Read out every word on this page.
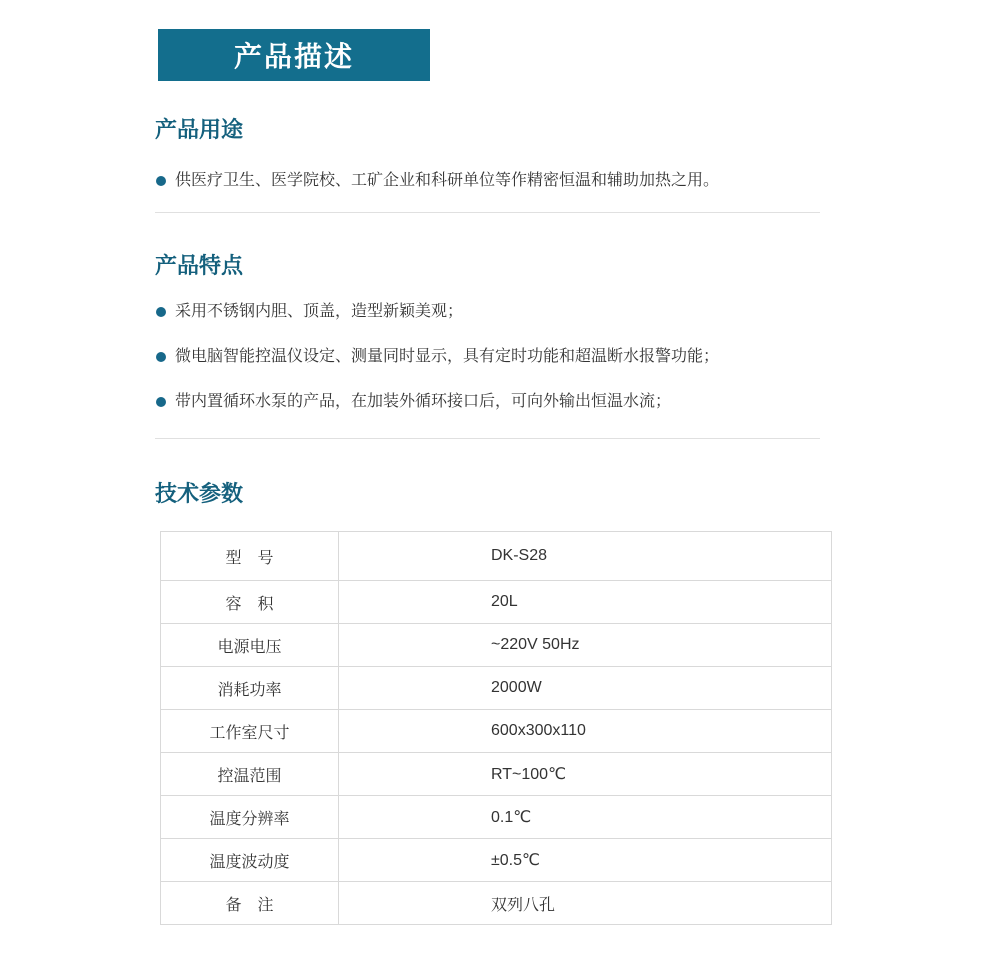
产品描述
产品用途
供医疗卫生、医学院校、工矿企业和科研单位等作精密恒温和辅助加热之用。
产品特点
采用不锈钢内胆、顶盖，造型新颖美观；
微电脑智能控温仪设定、测量同时显示，具有定时功能和超温断水报警功能；
带内置循环水泵的产品，在加装外循环接口后，可向外输出恒温水流；
技术参数
型　号	DK-S28
容　积	20L
电源电压	~220V 50Hz
消耗功率	2000W
工作室尺寸	600x300x110
控温范围	RT~100℃
温度分辨率	0.1℃
温度波动度	±0.5℃
备　注	双列八孔
